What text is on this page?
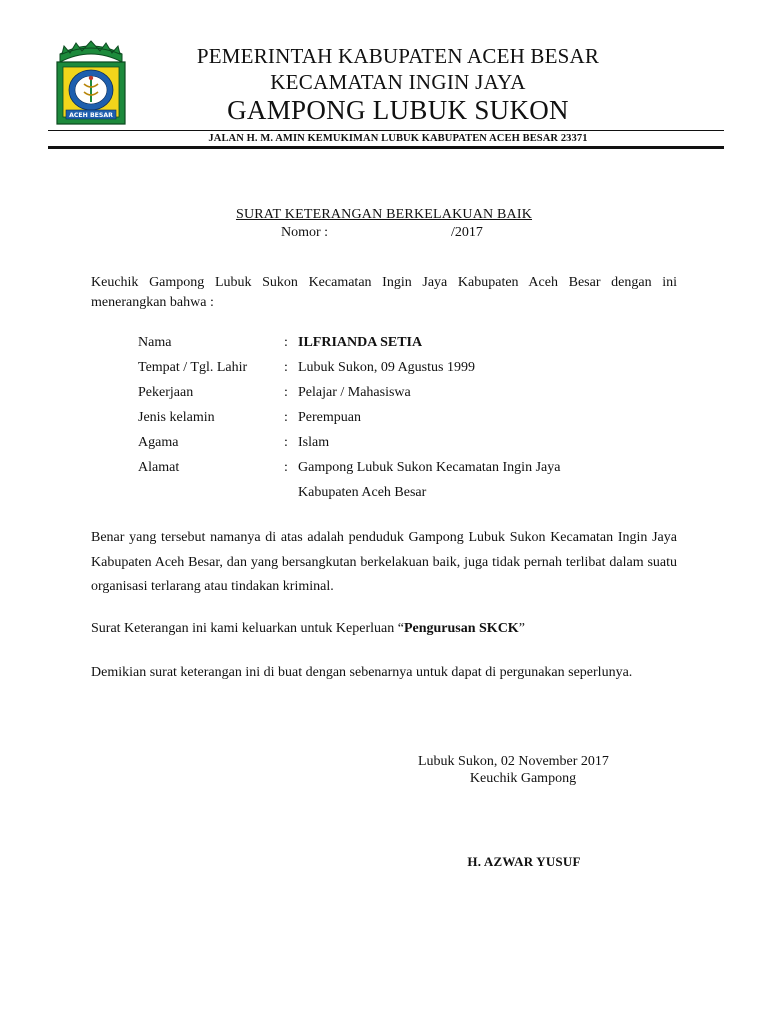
ACEH BESAR
PEMERINTAH KABUPATEN ACEH BESAR
KECAMATAN INGIN JAYA
GAMPONG LUBUK SUKON
JALAN H. M. AMIN KEMUKIMAN LUBUK KABUPATEN ACEH BESAR 23371
SURAT KETERANGAN BERKELAKUAN BAIK
Nomor :	/2017
Keuchik Gampong Lubuk Sukon Kecamatan Ingin Jaya Kabupaten Aceh Besar dengan ini menerangkan bahwa :
Nama	: ILFRIANDA SETIA
Tempat / Tgl. Lahir	: Lubuk Sukon, 09 Agustus 1999
Pekerjaan	: Pelajar / Mahasiswa
Jenis kelamin	: Perempuan
Agama	: Islam
Alamat	: Gampong Lubuk Sukon Kecamatan Ingin Jaya
Kabupaten Aceh Besar
Benar yang tersebut namanya di atas adalah penduduk Gampong Lubuk Sukon Kecamatan Ingin Jaya Kabupaten Aceh Besar, dan yang bersangkutan berkelakuan baik, juga tidak pernah terlibat dalam suatu organisasi terlarang atau tindakan kriminal.
Surat Keterangan ini kami keluarkan untuk Keperluan “Pengurusan SKCK”
Demikian surat keterangan ini di buat dengan sebenarnya untuk dapat di pergunakan seperlunya.
Lubuk Sukon, 02 November 2017
Keuchik Gampong
H. AZWAR YUSUF
